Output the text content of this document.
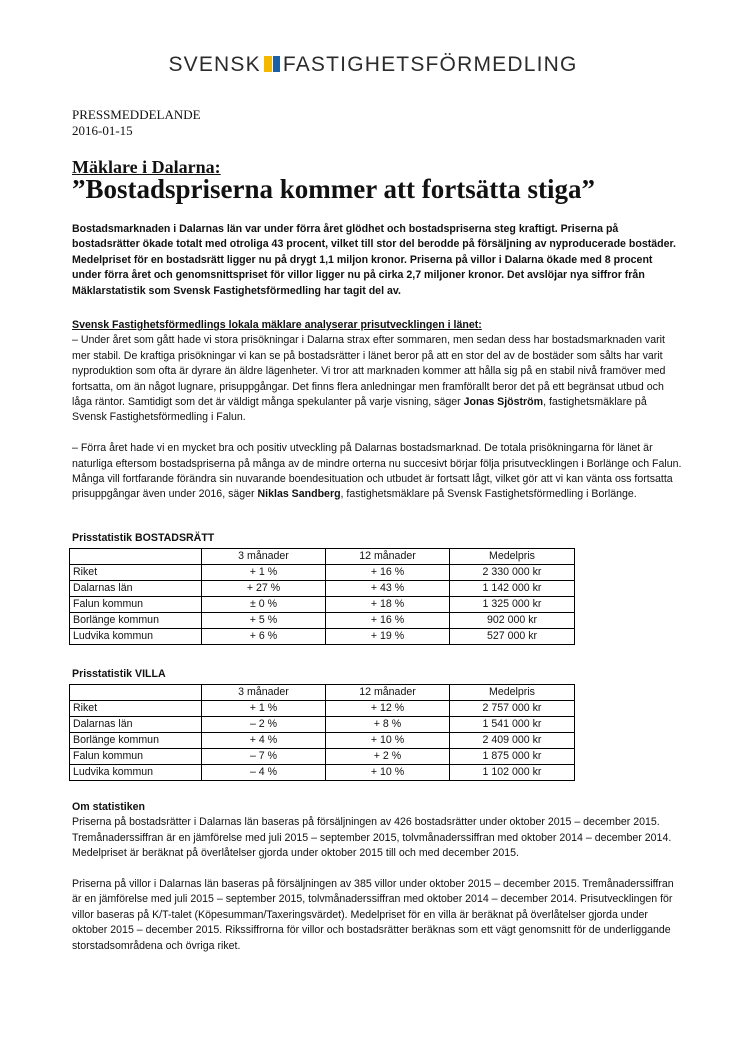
SVENSK FASTIGHETSFÖRMEDLING
PRESSMEDDELANDE
2016-01-15
Mäklare i Dalarna:
”Bostadspriserna kommer att fortsätta stiga”

Bostadsmarknaden i Dalarnas län var under förra året glödhet och bostadspriserna steg kraftigt. Priserna på bostadsrätter ökade totalt med otroliga 43 procent, vilket till stor del berodde på försäljning av nyproducerade bostäder. Medelpriset för en bostadsrätt ligger nu på drygt 1,1 miljon kronor. Priserna på villor i Dalarna ökade med 8 procent under förra året och genomsnittspriset för villor ligger nu på cirka 2,7 miljoner kronor. Det avslöjar nya siffror från Mäklarstatistik som Svensk Fastighetsförmedling har tagit del av.

Svensk Fastighetsförmedlings lokala mäklare analyserar prisutvecklingen i länet:
– Under året som gått hade vi stora prisökningar i Dalarna strax efter sommaren, men sedan dess har bostadsmarknaden varit mer stabil. De kraftiga prisökningar vi kan se på bostadsrätter i länet beror på att en stor del av de bostäder som sålts har varit nyproduktion som ofta är dyrare än äldre lägenheter. Vi tror att marknaden kommer att hålla sig på en stabil nivå framöver med fortsatta, om än något lugnare, prisuppgångar. Det finns flera anledningar men framförallt beror det på ett begränsat utbud och låga räntor. Samtidigt som det är väldigt många spekulanter på varje visning, säger Jonas Sjöström, fastighetsmäklare på Svensk Fastighetsförmedling i Falun.
– Förra året hade vi en mycket bra och positiv utveckling på Dalarnas bostadsmarknad. De totala prisökningarna för länet är naturliga eftersom bostadspriserna på många av de mindre orterna nu succesivt börjar följa prisutvecklingen i Borlänge och Falun. Många vill fortfarande förändra sin nuvarande boendesituation och utbudet är fortsatt lågt, vilket gör att vi kan vänta oss fortsatta prisuppgångar även under 2016, säger Niklas Sandberg, fastighetsmäklare på Svensk Fastighetsförmedling i Borlänge.
Prisstatistik BOSTADSRÄTT
	3 månader	12 månader	Medelpris
Riket	+ 1 %	+ 16 %	2 330 000 kr
Dalarnas län	+ 27 %	+ 43 %	1 142 000 kr
Falun kommun	± 0 %	+ 18 %	1 325 000 kr
Borlänge kommun	+ 5 %	+ 16 %	902 000 kr
Ludvika kommun	+ 6 %	+ 19 %	527 000 kr
Prisstatistik VILLA
	3 månader	12 månader	Medelpris
Riket	+ 1 %	+ 12 %	2 757 000 kr
Dalarnas län	– 2 %	+ 8 %	1 541 000 kr
Borlänge kommun	+ 4 %	+ 10 %	2 409 000 kr
Falun kommun	– 7 %	+ 2 %	1 875 000 kr
Ludvika kommun	– 4 %	+ 10 %	1 102 000 kr
Om statistiken
Priserna på bostadsrätter i Dalarnas län baseras på försäljningen av 426 bostadsrätter under oktober 2015 – december 2015. Tremånaderssiffran är en jämförelse med juli 2015 – september 2015, tolvmånaderssiffran med oktober 2014 – december 2014. Medelpriset är beräknat på överlåtelser gjorda under oktober 2015 till och med december 2015.
Priserna på villor i Dalarnas län baseras på försäljningen av 385 villor under oktober 2015 – december 2015. Tremånaderssiffran är en jämförelse med juli 2015 – september 2015, tolvmånaderssiffran med oktober 2014 – december 2014. Prisutvecklingen för villor baseras på K/T-talet (Köpesumman/Taxeringsvärdet). Medelpriset för en villa är beräknat på överlåtelser gjorda under oktober 2015 – december 2015. Rikssiffrorna för villor och bostadsrätter beräknas som ett vägt genomsnitt för de underliggande storstadsområdena och övriga riket.
